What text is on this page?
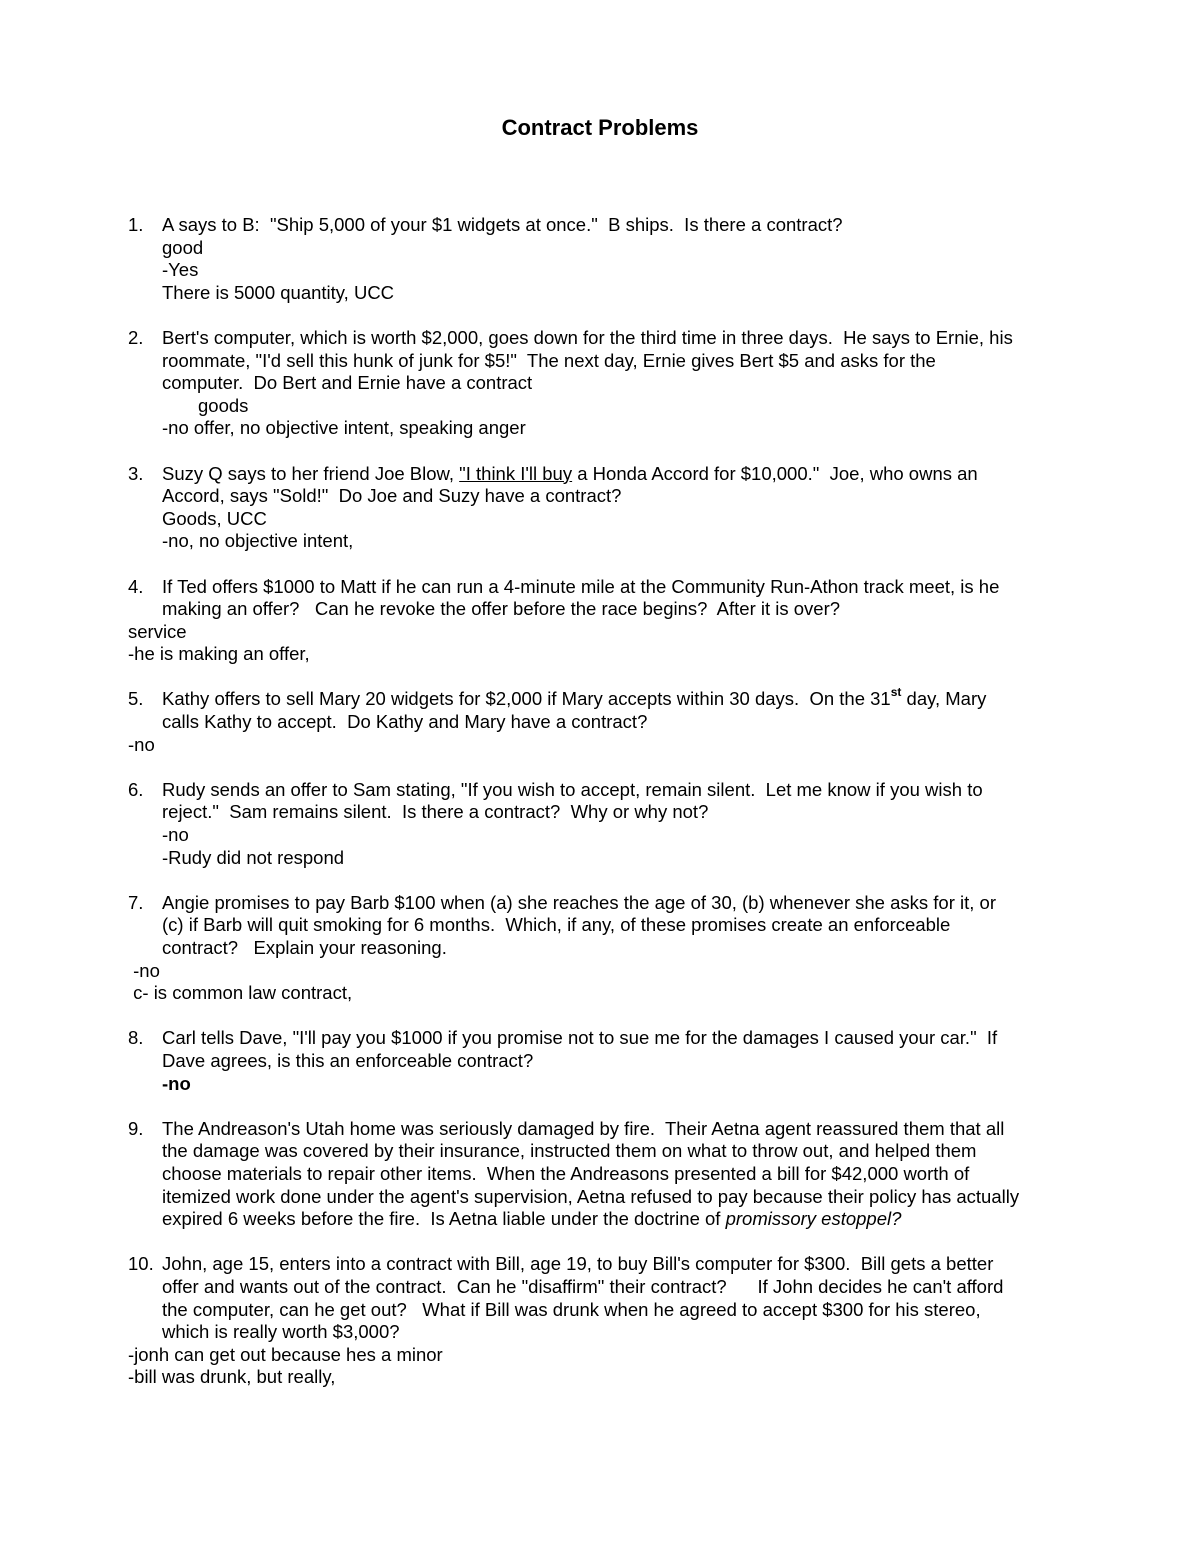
Contract Problems
1. A says to B:  "Ship 5,000 of your $1 widgets at once."  B ships.  Is there a contract?
good
-Yes
There is 5000 quantity, UCC
2. Bert's computer, which is worth $2,000, goes down for the third time in three days.  He says to Ernie, his
roommate, "I'd sell this hunk of junk for $5!"  The next day, Ernie gives Bert $5 and asks for the
computer.  Do Bert and Ernie have a contract
goods
-no offer, no objective intent, speaking anger
3. Suzy Q says to her friend Joe Blow, "I think I'll buy a Honda Accord for $10,000."  Joe, who owns an
Accord, says "Sold!"  Do Joe and Suzy have a contract?
Goods, UCC
-no, no objective intent,
4. If Ted offers $1000 to Matt if he can run a 4-minute mile at the Community Run-Athon track meet, is he
making an offer?   Can he revoke the offer before the race begins?  After it is over?
service
-he is making an offer,
5. Kathy offers to sell Mary 20 widgets for $2,000 if Mary accepts within 30 days.  On the 31st day, Mary
calls Kathy to accept.  Do Kathy and Mary have a contract?
-no
6. Rudy sends an offer to Sam stating, "If you wish to accept, remain silent.  Let me know if you wish to
reject."  Sam remains silent.  Is there a contract?  Why or why not?
-no
-Rudy did not respond
7. Angie promises to pay Barb $100 when (a) she reaches the age of 30, (b) whenever she asks for it, or
(c) if Barb will quit smoking for 6 months.  Which, if any, of these promises create an enforceable
contract?   Explain your reasoning.
-no
c- is common law contract,
8. Carl tells Dave, "I'll pay you $1000 if you promise not to sue me for the damages I caused your car."  If
Dave agrees, is this an enforceable contract?
-no
9. The Andreason's Utah home was seriously damaged by fire.  Their Aetna agent reassured them that all
the damage was covered by their insurance, instructed them on what to throw out, and helped them
choose materials to repair other items.  When the Andreasons presented a bill for $42,000 worth of
itemized work done under the agent's supervision, Aetna refused to pay because their policy has actually
expired 6 weeks before the fire.  Is Aetna liable under the doctrine of promissory estoppel?
10. John, age 15, enters into a contract with Bill, age 19, to buy Bill's computer for $300.  Bill gets a better
offer and wants out of the contract.  Can he "disaffirm" their contract?      If John decides he can't afford
the computer, can he get out?   What if Bill was drunk when he agreed to accept $300 for his stereo,
which is really worth $3,000?
-jonh can get out because hes a minor
-bill was drunk, but really,
